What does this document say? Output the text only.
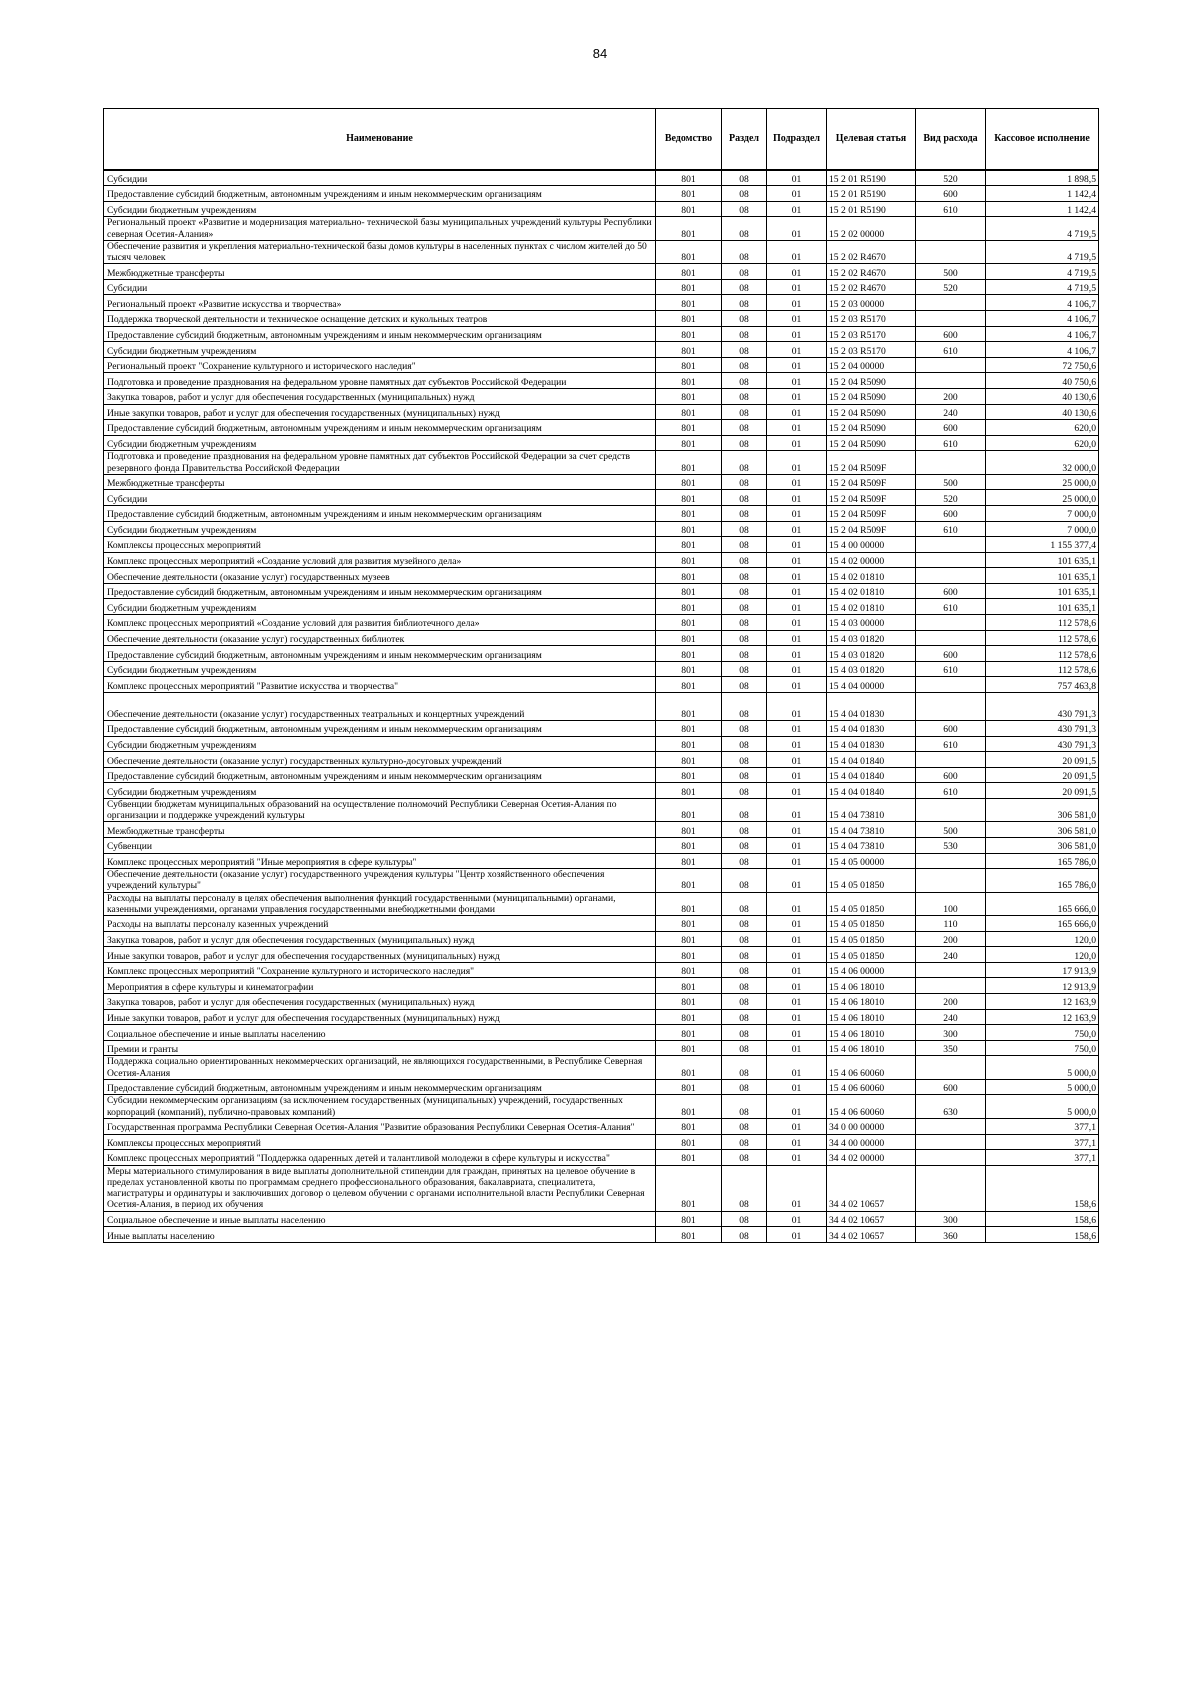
84
Наименование	Ведомство	Раздел	Подраздел	Целевая статья	Вид расхода	Кассовое исполнение
Субсидии	801	08	01	15 2 01 R5190	520	1 898,5
Предоставление субсидий бюджетным, автономным учреждениям и иным некоммерческим организациям	801	08	01	15 2 01 R5190	600	1 142,4
Субсидии бюджетным учреждениям	801	08	01	15 2 01 R5190	610	1 142,4
Региональный проект «Развитие и модернизация материально- технической базы муниципальных учреждений культуры Республики северная Осетия-Алания»	801	08	01	15 2 02 00000		4 719,5
Обеспечение развития и укрепления материально-технической базы домов культуры в населенных пунктах с числом жителей до 50 тысяч человек	801	08	01	15 2 02 R4670		4 719,5
Межбюджетные трансферты	801	08	01	15 2 02 R4670	500	4 719,5
Субсидии	801	08	01	15 2 02 R4670	520	4 719,5
Региональный проект «Развитие искусства и творчества»	801	08	01	15 2 03 00000		4 106,7
Поддержка творческой деятельности и техническое оснащение детских и кукольных театров	801	08	01	15 2 03 R5170		4 106,7
Предоставление субсидий бюджетным, автономным учреждениям и иным некоммерческим организациям	801	08	01	15 2 03 R5170	600	4 106,7
Субсидии бюджетным учреждениям	801	08	01	15 2 03 R5170	610	4 106,7
Региональный проект "Сохранение культурного и исторического наследия"	801	08	01	15 2 04 00000		72 750,6
Подготовка и проведение празднования на федеральном уровне памятных дат субъектов Российской Федерации	801	08	01	15 2 04 R5090		40 750,6
Закупка товаров, работ и услуг для обеспечения государственных (муниципальных) нужд	801	08	01	15 2 04 R5090	200	40 130,6
Иные закупки товаров, работ и услуг для обеспечения государственных (муниципальных) нужд	801	08	01	15 2 04 R5090	240	40 130,6
Предоставление субсидий бюджетным, автономным учреждениям и иным некоммерческим организациям	801	08	01	15 2 04 R5090	600	620,0
Субсидии бюджетным учреждениям	801	08	01	15 2 04 R5090	610	620,0
Подготовка и проведение празднования на федеральном уровне памятных дат субъектов Российской Федерации за счет средств резервного фонда Правительства Российской Федерации	801	08	01	15 2 04 R509F		32 000,0
Межбюджетные трансферты	801	08	01	15 2 04 R509F	500	25 000,0
Субсидии	801	08	01	15 2 04 R509F	520	25 000,0
Предоставление субсидий бюджетным, автономным учреждениям и иным некоммерческим организациям	801	08	01	15 2 04 R509F	600	7 000,0
Субсидии бюджетным учреждениям	801	08	01	15 2 04 R509F	610	7 000,0
Комплексы процессных мероприятий	801	08	01	15 4 00 00000		1 155 377,4
Комплекс процессных мероприятий «Создание условий для развития музейного дела»	801	08	01	15 4 02 00000		101 635,1
Обеспечение деятельности (оказание услуг) государственных музеев	801	08	01	15 4 02 01810		101 635,1
Предоставление субсидий бюджетным, автономным учреждениям и иным некоммерческим организациям	801	08	01	15 4 02 01810	600	101 635,1
Субсидии бюджетным учреждениям	801	08	01	15 4 02 01810	610	101 635,1
Комплекс процессных мероприятий «Создание условий для развития библиотечного дела»	801	08	01	15 4 03 00000		112 578,6
Обеспечение деятельности (оказание услуг) государственных библиотек	801	08	01	15 4 03 01820		112 578,6
Предоставление субсидий бюджетным, автономным учреждениям и иным некоммерческим организациям	801	08	01	15 4 03 01820	600	112 578,6
Субсидии бюджетным учреждениям	801	08	01	15 4 03 01820	610	112 578,6
Комплекс процессных мероприятий "Развитие искусства и творчества"	801	08	01	15 4 04 00000		757 463,8
Обеспечение деятельности (оказание услуг) государственных театральных и концертных учреждений	801	08	01	15 4 04 01830		430 791,3
Предоставление субсидий бюджетным, автономным учреждениям и иным некоммерческим организациям	801	08	01	15 4 04 01830	600	430 791,3
Субсидии бюджетным учреждениям	801	08	01	15 4 04 01830	610	430 791,3
Обеспечение деятельности (оказание услуг) государственных культурно-досуговых учреждений	801	08	01	15 4 04 01840		20 091,5
Предоставление субсидий бюджетным, автономным учреждениям и иным некоммерческим организациям	801	08	01	15 4 04 01840	600	20 091,5
Субсидии бюджетным учреждениям	801	08	01	15 4 04 01840	610	20 091,5
Субвенции бюджетам муниципальных образований на осуществление полномочий Республики Северная Осетия-Алания по организации и поддержке учреждений культуры	801	08	01	15 4 04 73810		306 581,0
Межбюджетные трансферты	801	08	01	15 4 04 73810	500	306 581,0
Субвенции	801	08	01	15 4 04 73810	530	306 581,0
Комплекс процессных мероприятий "Иные мероприятия в сфере культуры"	801	08	01	15 4 05 00000		165 786,0
Обеспечение деятельности (оказание услуг) государственного учреждения культуры "Центр хозяйственного обеспечения учреждений культуры"	801	08	01	15 4 05 01850		165 786,0
Расходы на выплаты персоналу в целях обеспечения выполнения функций государственными (муниципальными) органами, казенными учреждениями, органами управления государственными внебюджетными фондами	801	08	01	15 4 05 01850	100	165 666,0
Расходы на выплаты персоналу казенных учреждений	801	08	01	15 4 05 01850	110	165 666,0
Закупка товаров, работ и услуг для обеспечения государственных (муниципальных) нужд	801	08	01	15 4 05 01850	200	120,0
Иные закупки товаров, работ и услуг для обеспечения государственных (муниципальных) нужд	801	08	01	15 4 05 01850	240	120,0
Комплекс процессных мероприятий "Сохранение культурного и исторического наследия"	801	08	01	15 4 06 00000		17 913,9
Мероприятия в сфере культуры и кинематографии	801	08	01	15 4 06 18010		12 913,9
Закупка товаров, работ и услуг для обеспечения государственных (муниципальных) нужд	801	08	01	15 4 06 18010	200	12 163,9
Иные закупки товаров, работ и услуг для обеспечения государственных (муниципальных) нужд	801	08	01	15 4 06 18010	240	12 163,9
Социальное обеспечение и иные выплаты населению	801	08	01	15 4 06 18010	300	750,0
Премии и гранты	801	08	01	15 4 06 18010	350	750,0
Поддержка социально ориентированных некоммерческих организаций, не являющихся государственными, в Республике Северная Осетия-Алания	801	08	01	15 4 06 60060		5 000,0
Предоставление субсидий бюджетным, автономным учреждениям и иным некоммерческим организациям	801	08	01	15 4 06 60060	600	5 000,0
Субсидии некоммерческим организациям (за исключением государственных (муниципальных) учреждений, государственных корпораций (компаний), публично-правовых компаний)	801	08	01	15 4 06 60060	630	5 000,0
Государственная программа Республики Северная Осетия-Алания "Развитие образования Республики Северная Осетия-Алания"	801	08	01	34 0 00 00000		377,1
Комплексы процессных мероприятий	801	08	01	34 4 00 00000		377,1
Комплекс процессных мероприятий "Поддержка одаренных детей и талантливой молодежи в сфере культуры и искусства"	801	08	01	34 4 02 00000		377,1
Меры материального стимулирования в виде выплаты дополнительной стипендии для граждан, принятых на целевое обучение в пределах установленной квоты по программам среднего профессионального образования, бакалавриата, специалитета, магистратуры и ординатуры и заключивших договор о целевом обучении с органами исполнительной власти Республики Северная Осетия-Алания, в период их обучения	801	08	01	34 4 02 10657		158,6
Социальное обеспечение и иные выплаты населению	801	08	01	34 4 02 10657	300	158,6
Иные выплаты населению	801	08	01	34 4 02 10657	360	158,6
